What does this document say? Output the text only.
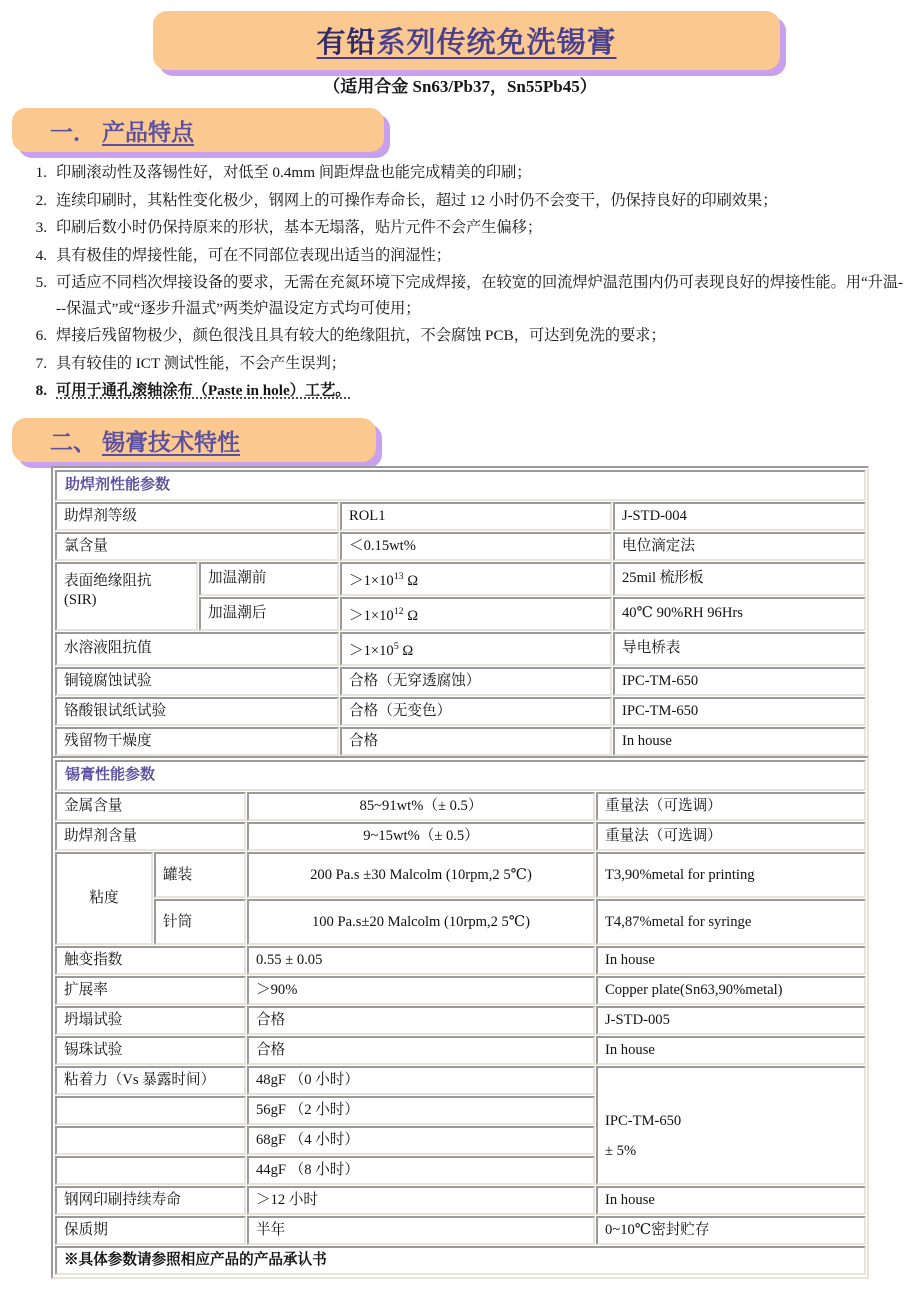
有铅系列传统免洗锡膏
（适用合金 Sn63/Pb37，Sn55Pb45）
一． 产品特点
1. 印刷滚动性及落锡性好，对低至 0.4mm 间距焊盘也能完成精美的印刷；
2. 连续印刷时，其粘性变化极少，钢网上的可操作寿命长，超过 12 小时仍不会变干，仍保持良好的印刷效果；
3. 印刷后数小时仍保持原来的形状，基本无塌落，贴片元件不会产生偏移；
4. 具有极佳的焊接性能，可在不同部位表现出适当的润湿性；
5. 可适应不同档次焊接设备的要求，无需在充氮环境下完成焊接，在较宽的回流焊炉温范围内仍可表现良好的焊接性能。用“升温---保温式”或“逐步升温式”两类炉温设定方式均可使用；
6. 焊接后残留物极少，颜色很浅且具有较大的绝缘阻抗，不会腐蚀 PCB，可达到免洗的要求；
7. 具有较佳的 ICT 测试性能，不会产生误判；
8. 可用于通孔滚轴涂布（Paste in hole）工艺。
二、 锡膏技术特性
助焊剂性能参数			
助焊剂等级		ROL1	J-STD-004
氯含量		＜0.15wt%	电位滴定法

表面绝缘阻抗
(SIR)	加温潮前	$>1\times 10^{13}$ Ω	25mil 梳形板
	加温潮后	$>1\times 10^{12}$ Ω	40℃ 90%RH 96Hrs
水溶液阻抗值		$>1\times 10^5$ Ω	导电桥表
铜镜腐蚀试验		合格（无穿透腐蚀）	IPC-TM-650
铬酸银试纸试验		合格（无变色）	IPC-TM-650
残留物干燥度		合格	In house
锡膏性能参数			
金属含量		85~91wt%（± 0.5）	重量法（可选调）
助焊剂含量		9~15wt%（± 0.5）	重量法（可选调）
粘度	罐装	200 Pa.s ±30 Malcolm (10rpm,2 5℃)	T3,90%metal for printing
	针筒	100 Pa.s±20 Malcolm (10rpm,2 5℃)	T4,87%metal for syringe
触变指数		0.55 ± 0.05	In house
扩展率		＞90%	Copper plate(Sn63,90%metal)
坍塌试验		合格	J-STD-005
锡珠试验		合格	In house
粘着力（Vs 暴露时间）		48gF （0 小时）	IPC-TM-650
± 5%

		56gF （2 小时）	
		68gF （4 小时）	
		44gF （8 小时）	
钢网印刷持续寿命		＞12 小时	In house
保质期		半年	0~10℃密封贮存
※具体参数请参照相应产品的产品承认书			
